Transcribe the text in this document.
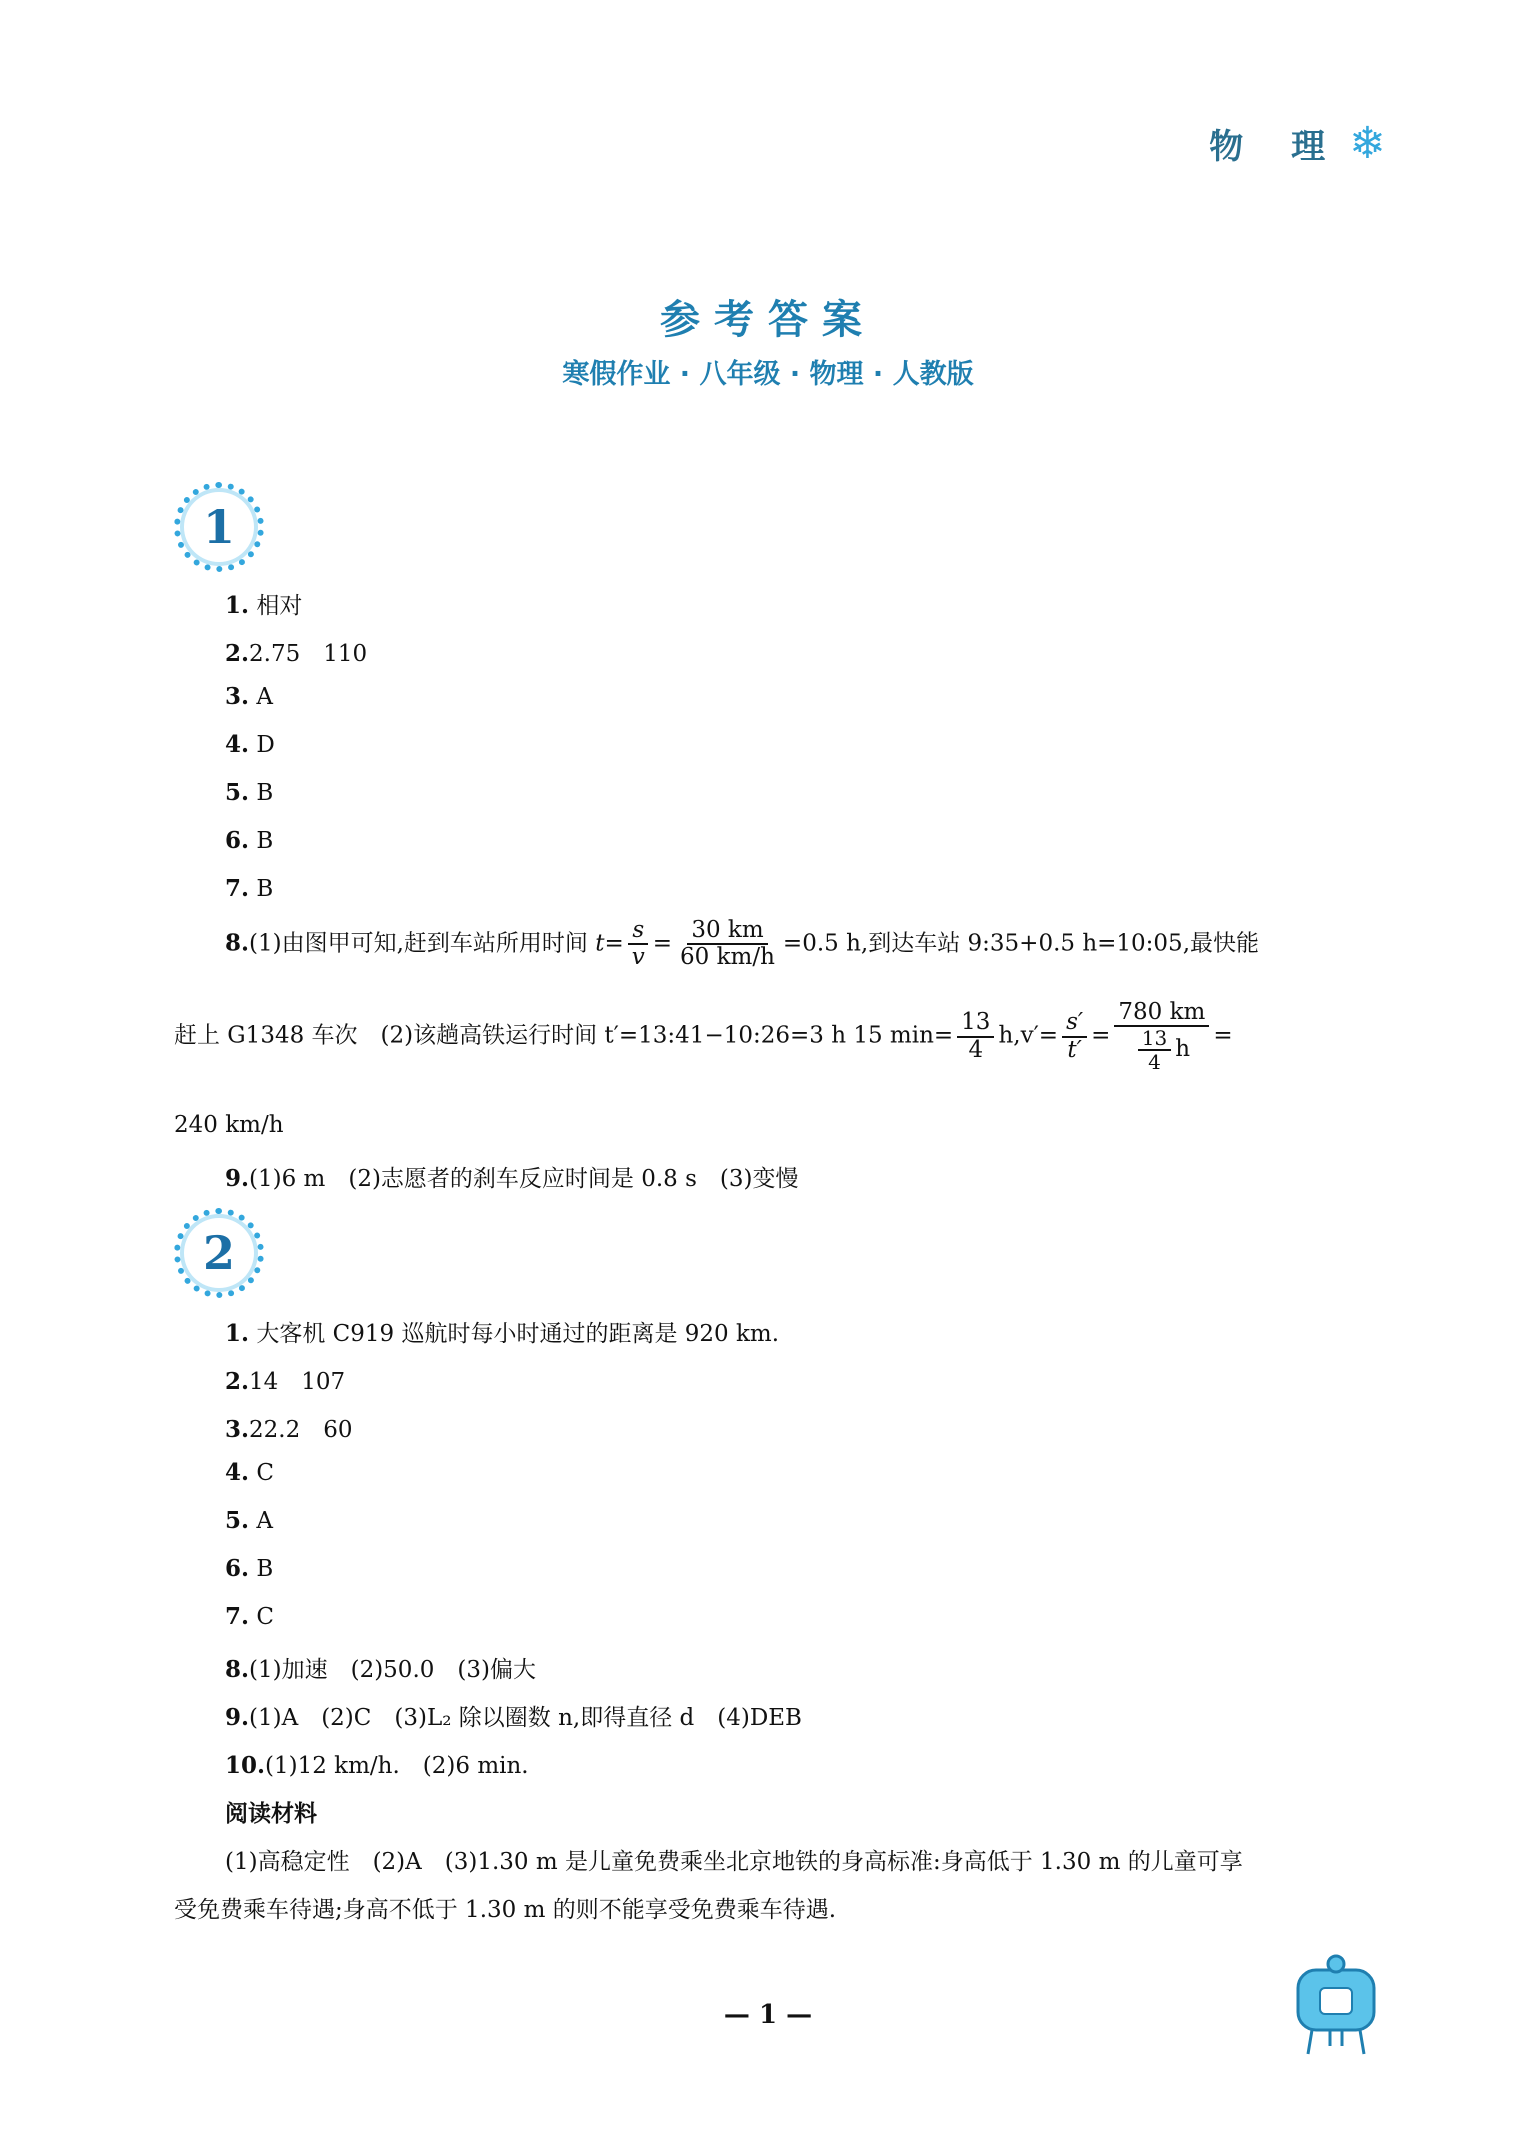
物 理 ❄
参考答案
寒假作业 · 八年级 · 物理 · 人教版
1
1. 相对
2.2.75　110
3. A
4. D
5. B
6. B
7. B
8.(1)由图甲可知,赶到车站所用时间 $t= \frac{s}{v} = \frac{30 km}{60 km/h} =0.5$ h,到达车站 9:35+0.5 h=10:05,最快能
赶上 G1348 车次　(2)该趟高铁运行时间 t′=13:41−10:26=3 h 15 $\min= \frac{13}{4} h,v'= \frac{s'}{t'} = \frac{780 km}{\frac{13}{4} h}$ =
240 km/h
9.(1)6 m　(2)志愿者的刹车反应时间是 0.8 s　(3)变慢
2
1. 大客机 C919 巡航时每小时通过的距离是 920 km.
2.14　107
3.22.2　60
4. C
5. A
6. B
7. C
8.(1)加速　(2)50.0　(3)偏大
9.(1)A　(2)C　(3)L₂ 除以圈数 n,即得直径 d　(4)DEB
10.(1)12 km/h.　(2)6 min.
阅读材料
(1)高稳定性　(2)A　(3)1.30 m 是儿童免费乘坐北京地铁的身高标准:身高低于 1.30 m 的儿童可享
受免费乘车待遇;身高不低于 1.30 m 的则不能享受免费乘车待遇.
— 1 —
